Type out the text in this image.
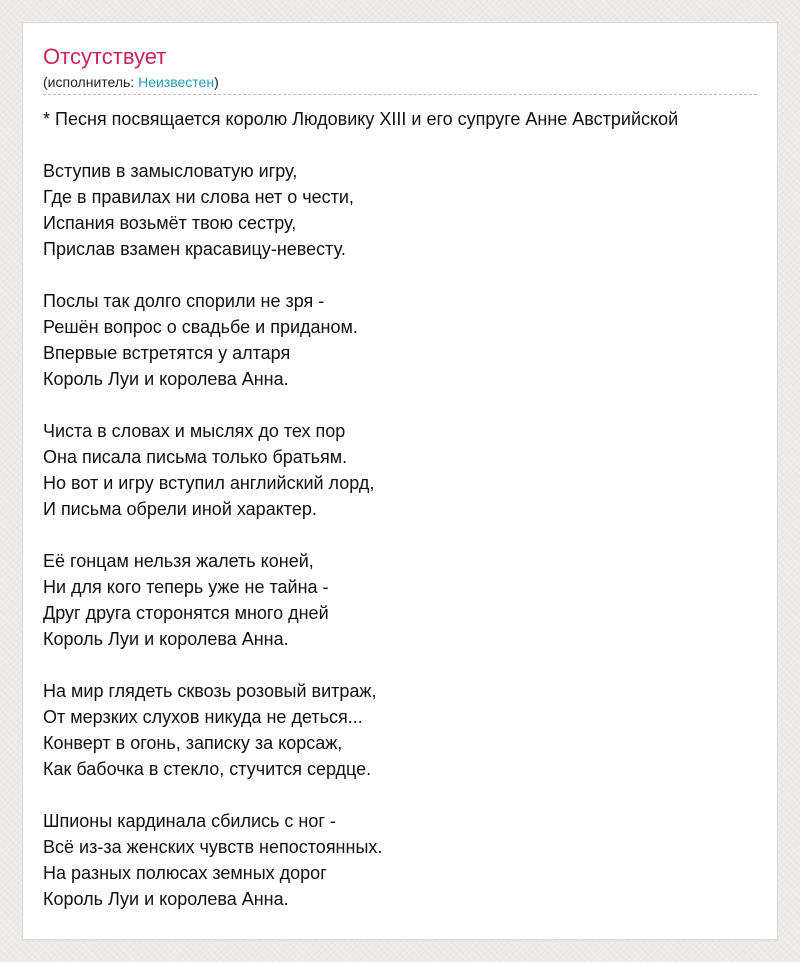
Отсутствует
(исполнитель: Неизвестен)

* Песня посвящается королю Людовику XIII и его супруге Анне Австрийской

Вступив в замысловатую игру,
Где в правилах ни слова нет о чести,
Испания возьмёт твою сестру,
Прислав взамен красавицу-невесту.

Послы так долго спорили не зря -
Решён вопрос о свадьбе и приданом.
Впервые встретятся у алтаря
Король Луи и королева Анна.

Чиста в словах и мыслях до тех пор
Она писала письма только братьям.
Но вот и игру вступил английский лорд,
И письма обрели иной характер.

Её гонцам нельзя жалеть коней,
Ни для кого теперь уже не тайна -
Друг друга сторонятся много дней
Король Луи и королева Анна.

На мир глядеть сквозь розовый витраж,
От мерзких слухов никуда не деться...
Конверт в огонь, записку за корсаж,
Как бабочка в стекло, стучится сердце.

Шпионы кардинала сбились с ног -
Всё из-за женских чувств непостоянных.
На разных полюсах земных дорог
Король Луи и королева Анна.
